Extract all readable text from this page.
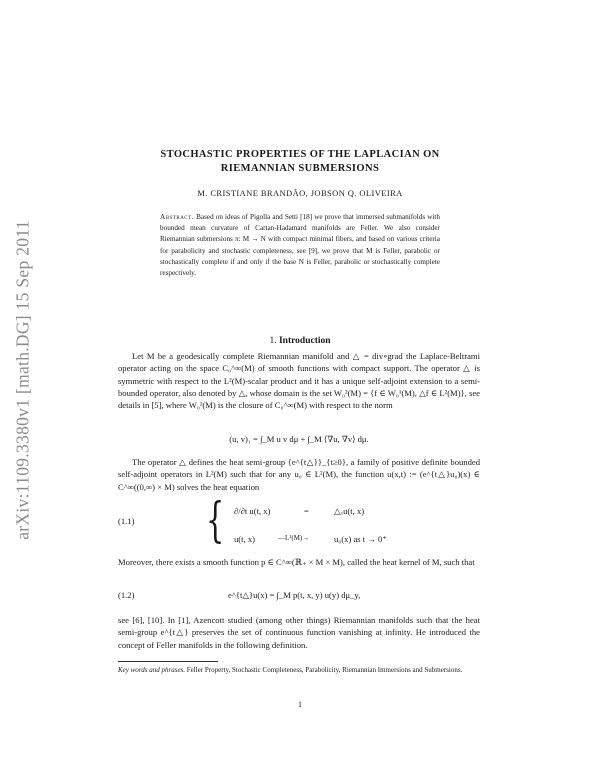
arXiv:1109.3380v1 [math.DG] 15 Sep 2011
STOCHASTIC PROPERTIES OF THE LAPLACIAN ON
RIEMANNIAN SUBMERSIONS
M. CRISTIANE BRANDÃO, JOBSON Q. OLIVEIRA
Abstract. Based on ideas of Pigolla and Setti [18] we prove that immersed submanifolds with bounded mean curvature of Cartan-Hadamard manifolds are Feller. We also consider Riemannian submersions π: M → N with compact minimal fibers, and based on various criteria for parabolicity and stochastic completeness, see [9], we prove that M is Feller, parabolic or stochastically complete if and only if the base N is Feller, parabolic or stochastically complete respectively.
1. Introduction
Let M be a geodesically complete Riemannian manifold and △ = div∘grad the Laplace-Beltrami operator acting on the space C₀^∞(M) of smooth functions with compact support. The operator △ is symmetric with respect to the L²(M)-scalar product and it has a unique self-adjoint extension to a semi-bounded operator, also denoted by △, whose domain is the set W₀²(M) = {f ∈ W₀¹(M), △f ∈ L²(M)}, see details in [5], where W₀¹(M) is the closure of C₀^∞(M) with respect to the norm
(u, v)₁ = ∫_M u v dμ + ∫_M ⟨∇u, ∇v⟩ dμ.
The operator △ defines the heat semi-group {e^{t△}}_{t≥0}, a family of positive definite bounded self-adjoint operators in L²(M) such that for any u₀ ∈ L²(M), the function u(x,t) := (e^{t△}u₀)(x) ∈ C^∞((0,∞) × M) solves the heat equation
(1.1) { ∂/∂t u(t, x)	=	△ₓu(t, x)
u(t, x)	—L²(M)→	u₀(x) as t → 0⁺
Moreover, there exists a smooth function p ∈ C^∞(ℝ₊ × M × M), called the heat kernel of M, such that
(1.2)	e^{t△}u(x) = ∫_M p(t, x, y) u(y) dμ_y,
see [6], [10]. In [1], Azencott studied (among other things) Riemannian manifolds such that the heat semi-group e^{t△} preserves the set of continuous function vanishing at infinity. He introduced the concept of Feller manifolds in the following definition.
Key words and phrases. Feller Property, Stochastic Completeness, Parabolicity, Riemannian Immersions and Submersions.
1
